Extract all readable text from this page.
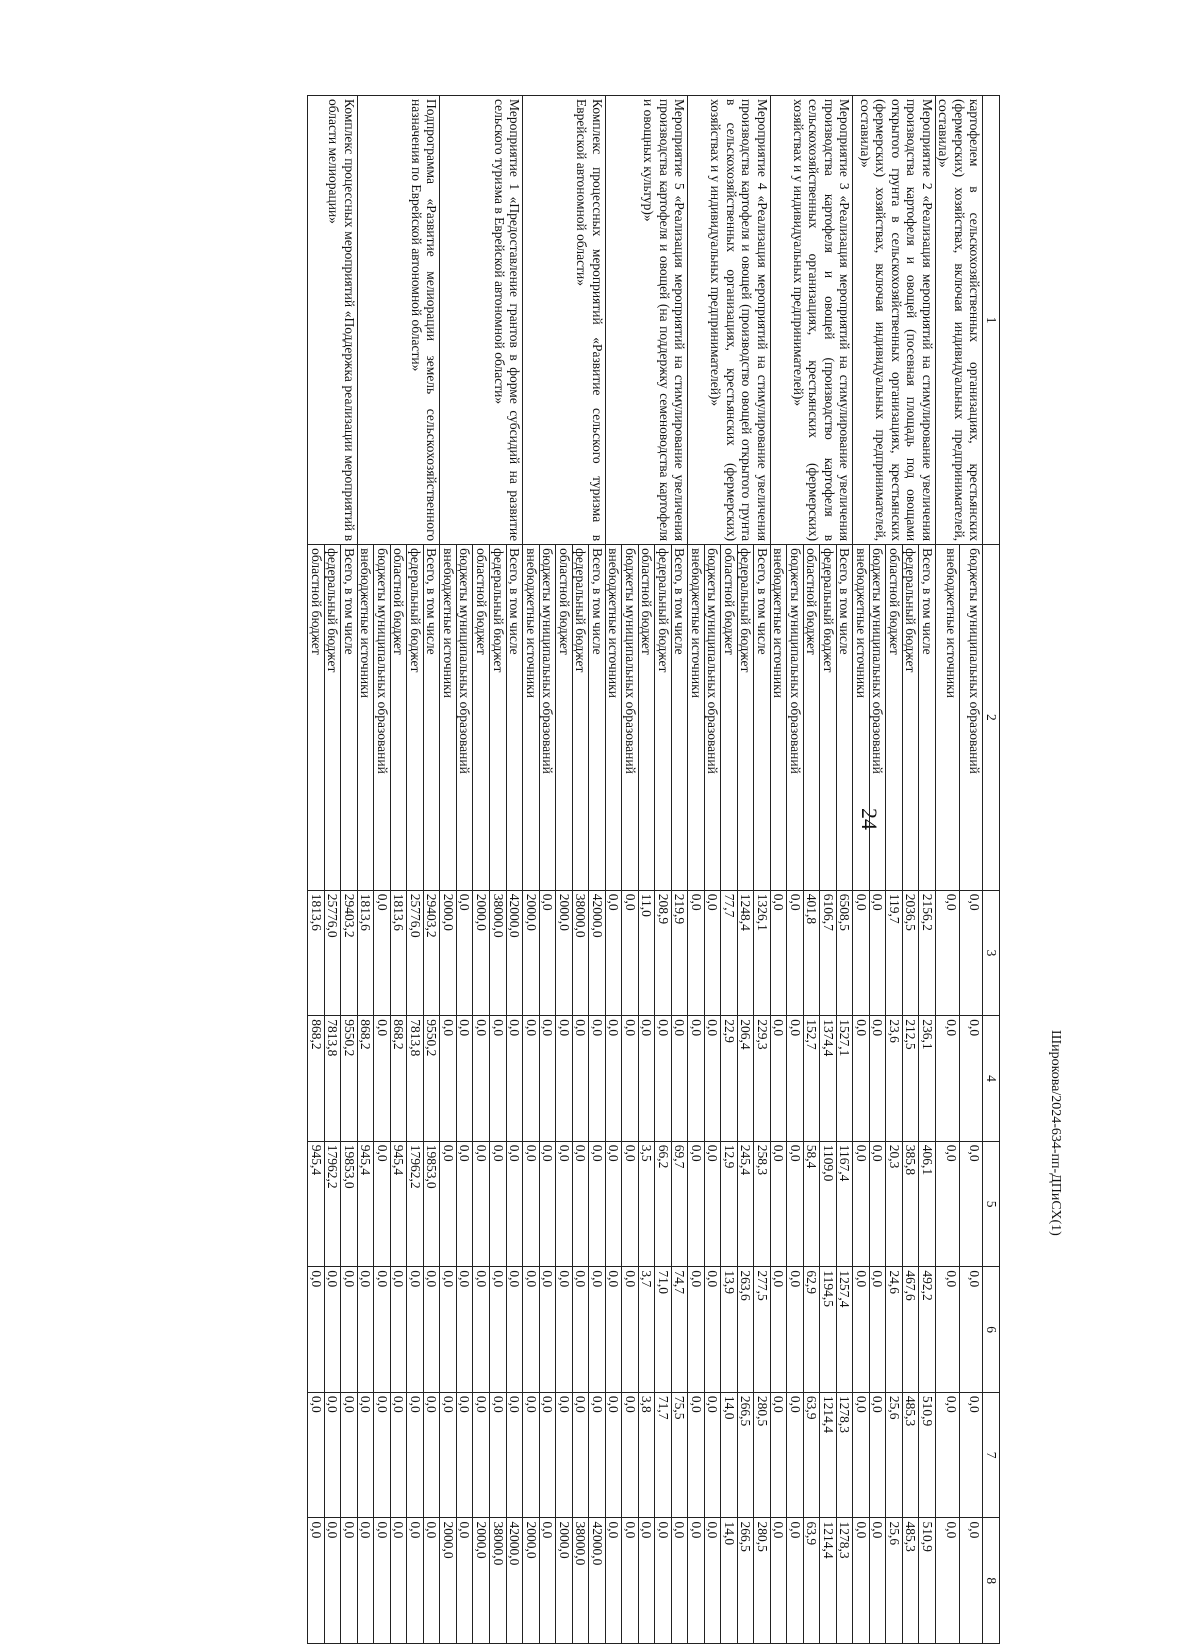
24
Широкова/2024-634-пп-ДПиСХ(1)
1	2	3	4	5	6	7	8
картофелем в сельскохозяйственных организациях, крестьянских (фермерских) хозяйствах, включая индивидуальных предпринимателей, составила)»	бюджеты муниципальных образований	0,0	0,0	0,0	0,0	0,0	0,0
	внебюджетные источники	0,0	0,0	0,0	0,0	0,0	0,0
Мероприятие 2 «Реализация мероприятий на стимулирование увеличения производства картофеля и овощей (посевная площадь под овощами открытого грунта в сельскохозяйственных организациях, крестьянских (фермерских) хозяйствах, включая индивидуальных предпринимателей, составила)»	Всего, в том числе	2156,2	236,1	406,1	492,2	510,9	510,9
	федеральный бюджет	2036,5	212,5	385,8	467,6	485,3	485,3
	областной бюджет	119,7	23,6	20,3	24,6	25,6	25,6
	бюджеты муниципальных образований	0,0	0,0	0,0	0,0	0,0	0,0
	внебюджетные источники	0,0	0,0	0,0	0,0	0,0	0,0
Мероприятие 3 «Реализация мероприятий на стимулирование увеличения производства картофеля и овощей (производство картофеля в сельскохозяйственных организациях, крестьянских (фермерских) хозяйствах и у индивидуальных предпринимателей)»	Всего, в том числе	6508,5	1527,1	1167,4	1257,4	1278,3	1278,3
	федеральный бюджет	6106,7	1374,4	1109,0	1194,5	1214,4	1214,4
	областной бюджет	401,8	152,7	58,4	62,9	63,9	63,9
	бюджеты муниципальных образований	0,0	0,0	0,0	0,0	0,0	0,0
	внебюджетные источники	0,0	0,0	0,0	0,0	0,0	0,0
Мероприятие 4 «Реализация мероприятий на стимулирование увеличения производства картофеля и овощей (производство овощей открытого грунта в сельскохозяйственных организациях, крестьянских (фермерских) хозяйствах и у индивидуальных предпринимателей)»	Всего, в том числе	1326,1	229,3	258,3	277,5	280,5	280,5
	федеральный бюджет	1248,4	206,4	245,4	263,6	266,5	266,5
	областной бюджет	77,7	22,9	12,9	13,9	14,0	14,0
	бюджеты муниципальных образований	0,0	0,0	0,0	0,0	0,0	0,0
	внебюджетные источники	0,0	0,0	0,0	0,0	0,0	0,0
Мероприятие 5 «Реализация мероприятий на стимулирование увеличения производства картофеля и овощей (на поддержку семеноводства картофеля и овощных культур)»	Всего, в том числе	219,9	0,0	69,7	74,7	75,5	0,0
	федеральный бюджет	208,9	0,0	66,2	71,0	71,7	0,0
	областной бюджет	11,0	0,0	3,5	3,7	3,8	0,0
	бюджеты муниципальных образований	0,0	0,0	0,0	0,0	0,0	0,0
	внебюджетные источники	0,0	0,0	0,0	0,0	0,0	0,0
Комплекс процессных мероприятий «Развитие сельского туризма в Еврейской автономной области»	Всего, в том числе	42000,0	0,0	0,0	0,0	0,0	42000,0
	федеральный бюджет	38000,0	0,0	0,0	0,0	0,0	38000,0
	областной бюджет	2000,0	0,0	0,0	0,0	0,0	2000,0
	бюджеты муниципальных образований	0,0	0,0	0,0	0,0	0,0	0,0
	внебюджетные источники	2000,0	0,0	0,0	0,0	0,0	2000,0
Мероприятие 1 «Предоставление грантов в форме субсидий на развитие сельского туризма в Еврейской автономной области»	Всего, в том числе	42000,0	0,0	0,0	0,0	0,0	42000,0
	федеральный бюджет	38000,0	0,0	0,0	0,0	0,0	38000,0
	областной бюджет	2000,0	0,0	0,0	0,0	0,0	2000,0
	бюджеты муниципальных образований	0,0	0,0	0,0	0,0	0,0	0,0
	внебюджетные источники	2000,0	0,0	0,0	0,0	0,0	2000,0
Подпрограмма «Развитие мелиорации земель сельскохозяйственного назначения по Еврейской автономной области»	Всего, в том числе	29403,2	9550,2	19853,0	0,0	0,0	0,0
	федеральный бюджет	25776,0	7813,8	17962,2	0,0	0,0	0,0
	областной бюджет	1813,6	868,2	945,4	0,0	0,0	0,0
	бюджеты муниципальных образований	0,0	0,0	0,0	0,0	0,0	0,0
	внебюджетные источники	1813,6	868,2	945,4	0,0	0,0	0,0
Комплекс процессных мероприятий «Поддержка реализации мероприятий в области мелиорации»	Всего, в том числе	29403,2	9550,2	19853,0	0,0	0,0	0,0
	федеральный бюджет	25776,0	7813,8	17962,2	0,0	0,0	0,0
	областной бюджет	1813,6	868,2	945,4	0,0	0,0	0,0
